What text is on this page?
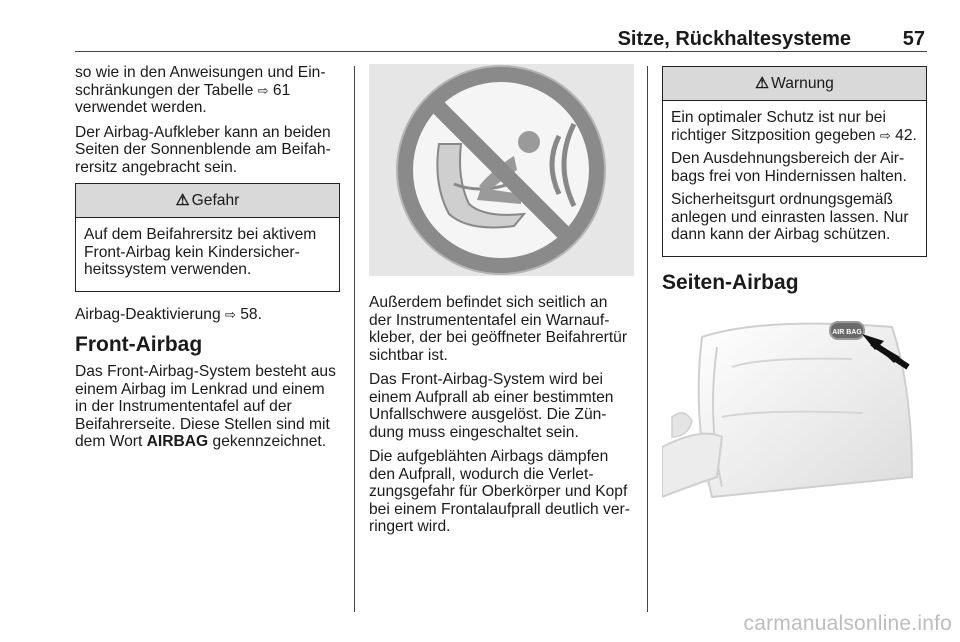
Sitze, Rückhaltesysteme	57

so wie in den Anweisungen und Einschränkungen der Tabelle ⇨ 61 verwendet werden.

Der Airbag-Aufkleber kann an beiden Seiten der Sonnenblende am Beifahrersitz angebracht sein.

⚠ Gefahr

Auf dem Beifahrersitz bei aktivem Front-Airbag kein Kindersicherheitssystem verwenden.

Airbag-Deaktivierung ⇨ 58.

Front-Airbag

Das Front-Airbag-System besteht aus einem Airbag im Lenkrad und einem in der Instrumententafel auf der Beifahrerseite. Diese Stellen sind mit dem Wort AIRBAG gekennzeichnet.

Außerdem befindet sich seitlich an der Instrumententafel ein Warnaufkleber, der bei geöffneter Beifahrertür sichtbar ist.

Das Front-Airbag-System wird bei einem Aufprall ab einer bestimmten Unfallschwere ausgelöst. Die Zündung muss eingeschaltet sein.

Die aufgeblähten Airbags dämpfen den Aufprall, wodurch die Verletzungsgefahr für Oberkörper und Kopf bei einem Frontalaufprall deutlich verringert wird.

⚠ Warnung

Ein optimaler Schutz ist nur bei richtiger Sitzposition gegeben ⇨ 42.

Den Ausdehnungsbereich der Airbags frei von Hindernissen halten.

Sicherheitsgurt ordnungsgemäß anlegen und einrasten lassen. Nur dann kann der Airbag schützen.

Seiten-Airbag
AIR BAG
carmanualsonline.info
